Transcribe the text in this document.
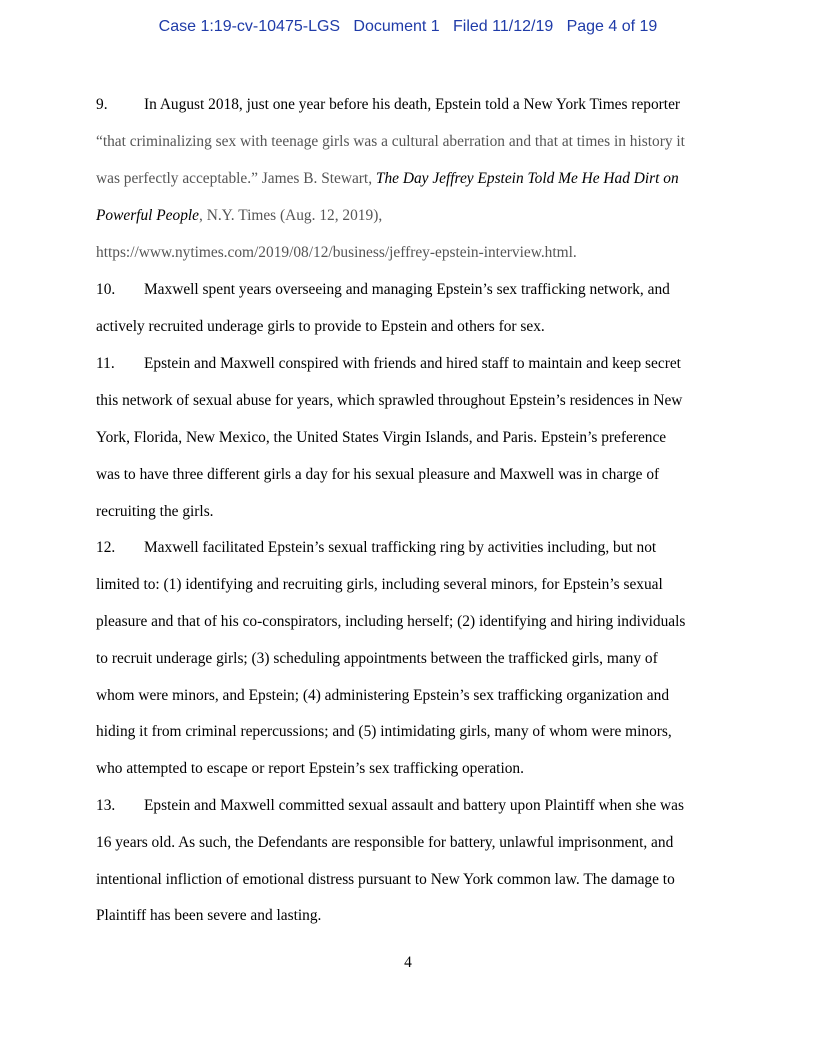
Case 1:19-cv-10475-LGS   Document 1   Filed 11/12/19   Page 4 of 19
9. In August 2018, just one year before his death, Epstein told a New York Times reporter
“that criminalizing sex with teenage girls was a cultural aberration and that at times in history it
was perfectly acceptable.” James B. Stewart, The Day Jeffrey Epstein Told Me He Had Dirt on
Powerful People, N.Y. Times (Aug. 12, 2019),
https://www.nytimes.com/2019/08/12/business/jeffrey-epstein-interview.html.
10. Maxwell spent years overseeing and managing Epstein’s sex trafficking network, and
actively recruited underage girls to provide to Epstein and others for sex.
11. Epstein and Maxwell conspired with friends and hired staff to maintain and keep secret
this network of sexual abuse for years, which sprawled throughout Epstein’s residences in New
York, Florida, New Mexico, the United States Virgin Islands, and Paris. Epstein’s preference
was to have three different girls a day for his sexual pleasure and Maxwell was in charge of
recruiting the girls.
12. Maxwell facilitated Epstein’s sexual trafficking ring by activities including, but not
limited to: (1) identifying and recruiting girls, including several minors, for Epstein’s sexual
pleasure and that of his co-conspirators, including herself; (2) identifying and hiring individuals
to recruit underage girls; (3) scheduling appointments between the trafficked girls, many of
whom were minors, and Epstein; (4) administering Epstein’s sex trafficking organization and
hiding it from criminal repercussions; and (5) intimidating girls, many of whom were minors,
who attempted to escape or report Epstein’s sex trafficking operation.
13. Epstein and Maxwell committed sexual assault and battery upon Plaintiff when she was
16 years old. As such, the Defendants are responsible for battery, unlawful imprisonment, and
intentional infliction of emotional distress pursuant to New York common law. The damage to
Plaintiff has been severe and lasting.
4
